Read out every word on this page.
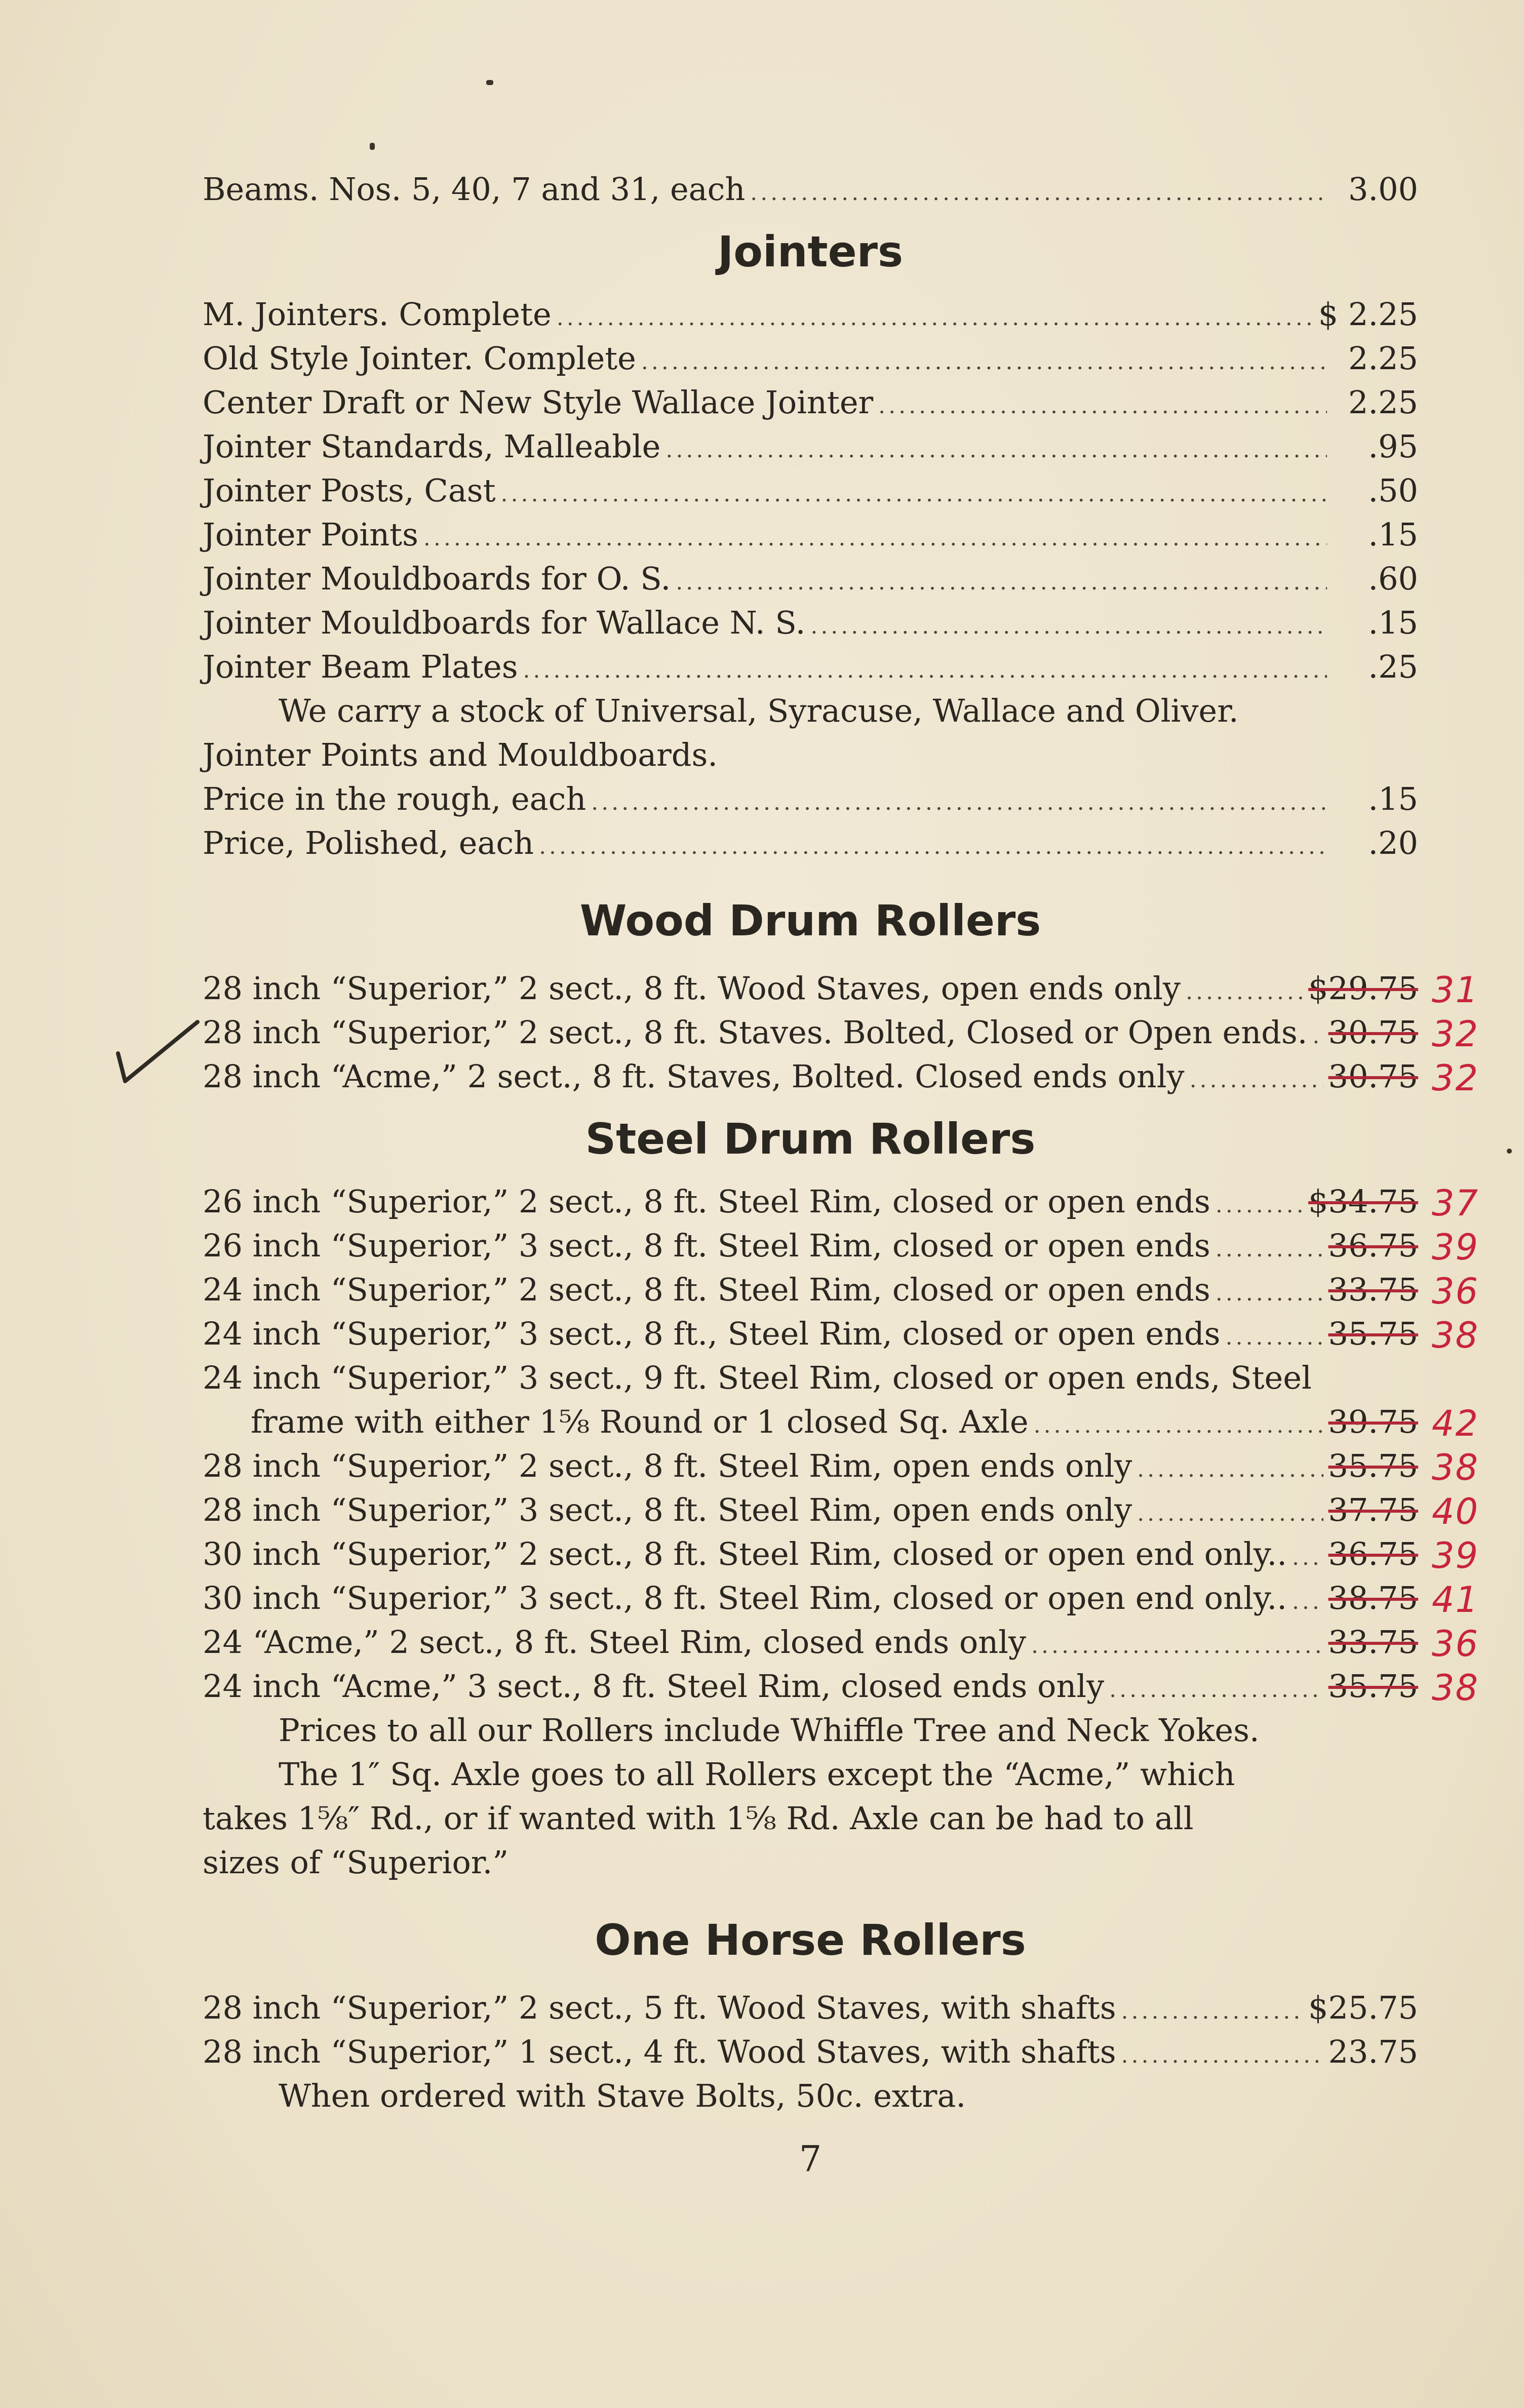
Beams. Nos. 5, 40, 7 and 31, each .....	3.00
Jointers
M. Jointers. Complete .....	$ 2.25
Old Style Jointer. Complete .....	2.25
Center Draft or New Style Wallace Jointer .....	2.25
Jointer Standards, Malleable .....	.95
Jointer Posts, Cast .....	.50
Jointer Points .....	.15
Jointer Mouldboards for O. S. .....	.60
Jointer Mouldboards for Wallace N. S. .....	.15
Jointer Beam Plates .....	.25
We carry a stock of Universal, Syracuse, Wallace and Oliver.
Jointer Points and Mouldboards.
Price in the rough, each .....	.15
Price, Polished, each .....	.20
Wood Drum Rollers
28 inch “Superior,” 2 sect., 8 ft. Wood Staves, open ends only .....	$29.75 31
28 inch “Superior,” 2 sect., 8 ft. Staves. Bolted, Closed or Open ends. ..... 30.75 32
28 inch “Acme,” 2 sect., 8 ft. Staves, Bolted. Closed ends only .....	30.75 32
Steel Drum Rollers
26 inch “Superior,” 2 sect., 8 ft. Steel Rim, closed or open ends .....	$34.75 37
26 inch “Superior,” 3 sect., 8 ft. Steel Rim, closed or open ends .....	36.75 39
24 inch “Superior,” 2 sect., 8 ft. Steel Rim, closed or open ends .....	33.75 36
24 inch “Superior,” 3 sect., 8 ft., Steel Rim, closed or open ends .....	35.75 38
24 inch “Superior,” 3 sect., 9 ft. Steel Rim, closed or open ends, Steel
frame with either 1⅝ Round or 1 closed Sq. Axle .....	39.75 42
28 inch “Superior,” 2 sect., 8 ft. Steel Rim, open ends only .....	35.75 38
28 inch “Superior,” 3 sect., 8 ft. Steel Rim, open ends only .....	37.75 40
30 inch “Superior,” 2 sect., 8 ft. Steel Rim, closed or open end only.. ..... 36.75 39
30 inch “Superior,” 3 sect., 8 ft. Steel Rim, closed or open end only.. ..... 38.75 41
24 “Acme,” 2 sect., 8 ft. Steel Rim, closed ends only .....	33.75 36
24 inch “Acme,” 3 sect., 8 ft. Steel Rim, closed ends only .....	35.75 38
Prices to all our Rollers include Whiffle Tree and Neck Yokes.
The 1″ Sq. Axle goes to all Rollers except the “Acme,” which
takes 1⅝″ Rd., or if wanted with 1⅝ Rd. Axle can be had to all
sizes of “Superior.”
One Horse Rollers
28 inch “Superior,” 2 sect., 5 ft. Wood Staves, with shafts .....	$25.75
28 inch “Superior,” 1 sect., 4 ft. Wood Staves, with shafts .....	23.75
When ordered with Stave Bolts, 50c. extra.
7
